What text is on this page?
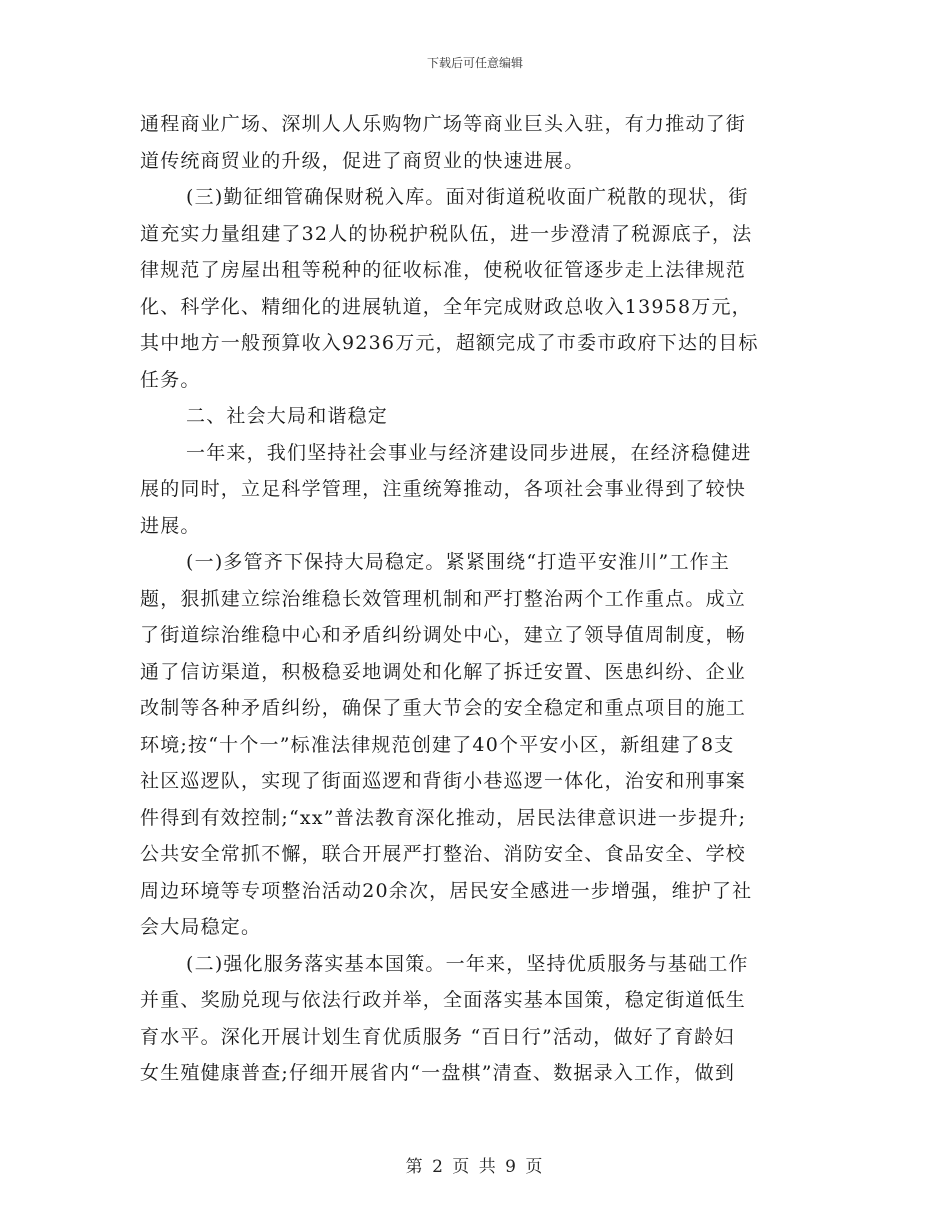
下载后可任意编辑
通程商业广场、深圳人人乐购物广场等商业巨头入驻，有力推动了街
道传统商贸业的升级，促进了商贸业的快速进展。
(三)勤征细管确保财税入库。面对街道税收面广税散的现状，街
道充实力量组建了32人的协税护税队伍，进一步澄清了税源底子，法
律规范了房屋出租等税种的征收标准，使税收征管逐步走上法律规范
化、科学化、精细化的进展轨道，全年完成财政总收入13958万元，
其中地方一般预算收入9236万元，超额完成了市委市政府下达的目标
任务。
二、社会大局和谐稳定
一年来，我们坚持社会事业与经济建设同步进展，在经济稳健进
展的同时，立足科学管理，注重统筹推动，各项社会事业得到了较快
进展。
(一)多管齐下保持大局稳定。紧紧围绕“打造平安淮川”工作主
题，狠抓建立综治维稳长效管理机制和严打整治两个工作重点。成立
了街道综治维稳中心和矛盾纠纷调处中心，建立了领导值周制度，畅
通了信访渠道，积极稳妥地调处和化解了拆迁安置、医患纠纷、企业
改制等各种矛盾纠纷，确保了重大节会的安全稳定和重点项目的施工
环境;按“十个一”标准法律规范创建了40个平安小区，新组建了8支
社区巡逻队，实现了街面巡逻和背街小巷巡逻一体化，治安和刑事案
件得到有效控制;“xx”普法教育深化推动，居民法律意识进一步提升;
公共安全常抓不懈，联合开展严打整治、消防安全、食品安全、学校
周边环境等专项整治活动20余次，居民安全感进一步增强，维护了社
会大局稳定。
(二)强化服务落实基本国策。一年来，坚持优质服务与基础工作
并重、奖励兑现与依法行政并举，全面落实基本国策，稳定街道低生
育水平。深化开展计划生育优质服务 “百日行”活动，做好了育龄妇
女生殖健康普查;仔细开展省内“一盘棋”清查、数据录入工作，做到
第 2 页 共 9 页
